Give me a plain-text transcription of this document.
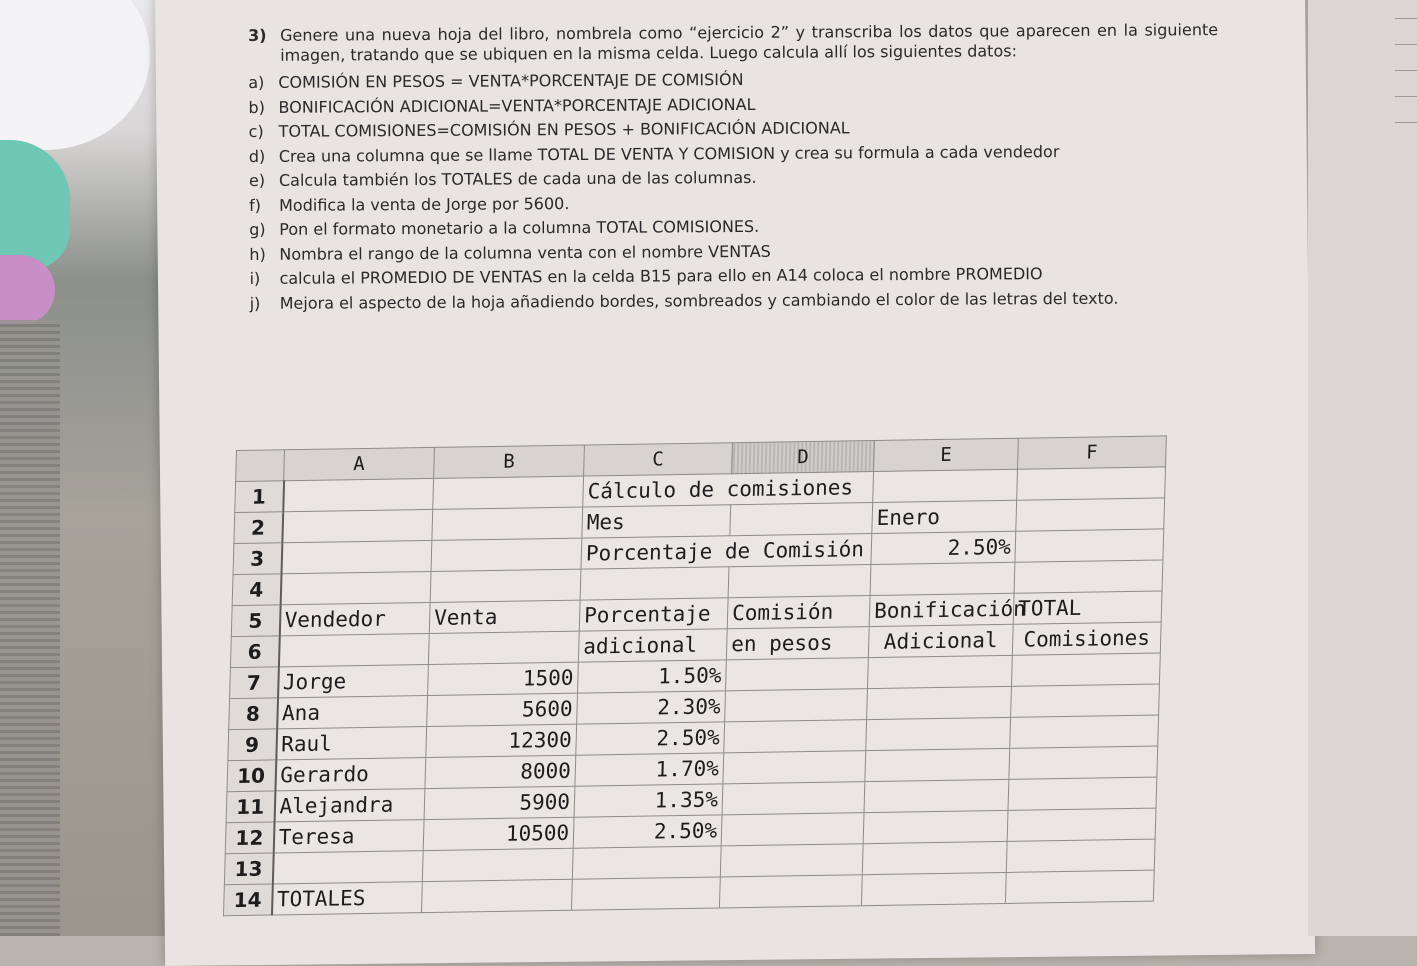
3) Genere una nueva hoja del libro, nombrela como “ejercicio 2” y transcriba los datos que aparecen en la siguiente imagen, tratando que se ubiquen en la misma celda. Luego calcula allí los siguientes datos:
a) COMISIÓN EN PESOS = VENTA*PORCENTAJE DE COMISIÓN
b) BONIFICACIÓN ADICIONAL=VENTA*PORCENTAJE ADICIONAL
c) TOTAL COMISIONES=COMISIÓN EN PESOS + BONIFICACIÓN ADICIONAL
d) Crea una columna que se llame TOTAL DE VENTA Y COMISION y crea su formula a cada vendedor
e) Calcula también los TOTALES de cada una de las columnas.
f)	Modifica la venta de Jorge por 5600.
g) Pon el formato monetario a la columna TOTAL COMISIONES.
h) Nombra el rango de la columna venta con el nombre VENTAS
i)	calcula el PROMEDIO DE VENTAS en la celda B15 para ello en A14 coloca el nombre PROMEDIO
j)	Mejora el aspecto de la hoja añadiendo bordes, sombreados y cambiando el color de las letras del texto.
	A	B	C	D	E	F
1			Cálculo de comisiones			
2			Mes		Enero	
3			Porcentaje de Comisión		2.50%	
4						
5	Vendedor	Venta	Porcentaje	Comisión	Bonificación	TOTAL
6			adicional	en pesos	Adicional	Comisiones
7	Jorge	1500	1.50%			
8	Ana	5600	2.30%			
9	Raul	12300	2.50%			
10	Gerardo	8000	1.70%			
11	Alejandra	5900	1.35%			
12	Teresa	10500	2.50%			
13						
14	TOTALES					
